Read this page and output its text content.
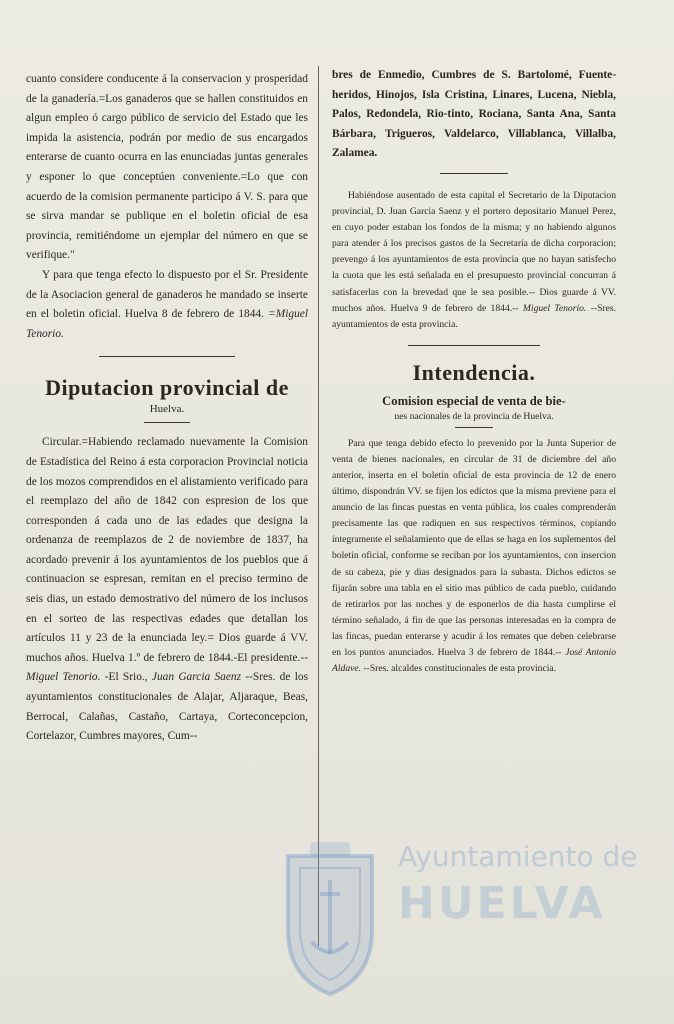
cuanto considere conducente á la conservacion y prosperidad de la ganadería.=Los ganaderos que se hallen constituidos en algun empleo ó cargo público de servicio del Estado que les impida la asistencia, podrán por medio de sus encargados enterarse de cuanto ocurra en las enunciadas juntas generales y esponer lo que conceptúen conveniente.=Lo que con acuerdo de la comision permanente participo á V. S. para que se sirva mandar se publique en el boletin oficial de esa provincia, remitiéndome un ejemplar del número en que se verifique."

Y para que tenga efecto lo dispuesto por el Sr. Presidente de la Asociacion general de ganaderos he mandado se inserte en el boletin oficial. Huelva 8 de febrero de 1844. =Miguel Tenorio.

Diputacion provincial de

Huelva.

Circular.=Habiendo reclamado nuevamente la Comision de Estadística del Reino á esta corporacion Provincial noticia de los mozos comprendidos en el alistamiento verificado para el reemplazo del año de 1842 con espresion de los que corresponden á cada uno de las edades que designa la ordenanza de reemplazos de 2 de noviembre de 1837, ha acordado prevenir á los ayuntamientos de los pueblos que á continuacion se espresan, remitan en el preciso termino de seis dias, un estado demostrativo del número de los inclusos en el sorteo de las respectivas edades que detallan los artículos 11 y 23 de la enunciada ley.= Dios guarde á VV. muchos años. Huelva 1.º de febrero de 1844.-El presidente.-- Miguel Tenorio. -El Srio., Juan Garcia Saenz --Sres. de los ayuntamientos constitucionales de Alajar, Aljaraque, Beas, Berrocal, Calañas, Castaño, Cartaya, Corteconcepcion, Cortelazor, Cumbres mayores, Cum--

bres de Enmedio, Cumbres de S. Bartolomé, Fuente-heridos, Hinojos, Isla Cristina, Linares, Lucena, Niebla, Palos, Redondela, Rio-tinto, Rociana, Santa Ana, Santa Bárbara, Trigueros, Valdelarco, Villablanca, Villalba, Zalamea.

Habiéndose ausentado de esta capital el Secretario de la Diputacion provincial, D. Juan Garcia Saenz y el portero depositario Manuel Perez, en cuyo poder estaban los fondos de la misma; y no habiendo algunos para atender á los precisos gastos de la Secretaría de dicha corporacion; prevengo á los ayuntamientos de esta provincia que no hayan satisfecho la cuota que les está señalada en el presupuesto provincial concurran á satisfacerlas con la brevedad que le sea posible.-- Dios guarde á VV. muchos años. Huelva 9 de febrero de 1844.-- Miguel Tenorio. --Sres. ayuntamientos de esta provincia.

Intendencia.

Comision especial de venta de bie-

nes nacionales de la provincia de Huelva.

Para que tenga debido efecto lo prevenido por la Junta Superior de venta de bienes nacionales, en circular de 31 de diciembre del año anterior, inserta en el boletin oficial de esta provincia de 12 de enero último, dispondrán VV. se fijen los edictos que la misma previene para el anuncio de las fincas puestas en venta pública, los cuales comprenderán precisamente las que radiquen en sus respectivos términos, copiando íntegramente el señalamiento que de ellas se haga en los suplementos del boletin oficial, conforme se reciban por los ayuntamientos, con insercion de su cabeza, pie y dias designados para la subasta. Dichos edictos se fijarán sobre una tabla en el sitio mas público de cada pueblo, cuidando de retirarlos por las noches y de esponerlos de dia hasta cumplirse el término señalado, á fin de que las personas interesadas en la compra de las fincas, puedan enterarse y acudir á los remates que deben celebrarse en los puntos anunciados. Huelva 3 de febrero de 1844.-- José Antonio Aldave. --Sres. alcaldes constitucionales de esta provincia.

Ayuntamiento de
HUELVA
